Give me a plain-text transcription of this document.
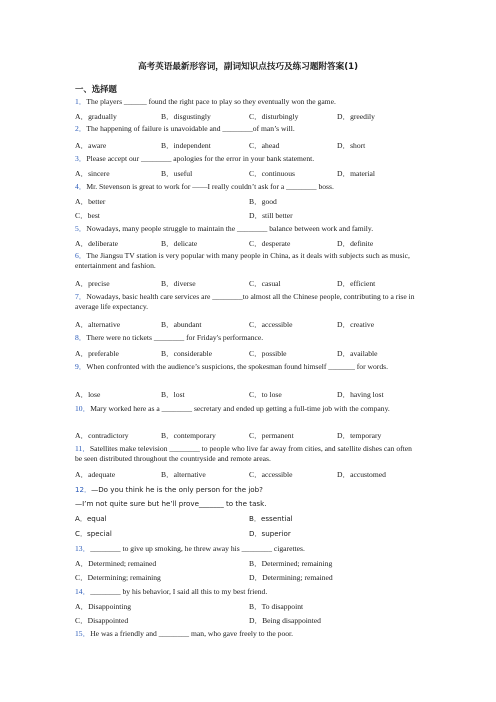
高考英语最新形容词，副词知识点技巧及练习题附答案(1)
一、选择题
1．The players ______ found the right pace to play so they eventually won the game.
A．gradually	B．disgustingly	C．disturbingly	D．greedily
2．The happening of failure is unavoidable and ________of man’s will.
A．aware	B．independent	C．ahead	D．short
3．Please accept our ________ apologies for the error in your bank statement.
A．sincere	B．useful	C．continuous	D．material
4．Mr. Stevenson is great to work for ——I really couldn’t ask for a ________ boss.
A．better	B．good
C．best	D．still better
5．Nowadays, many people struggle to maintain the ________ balance between work and family.
A．deliberate	B．delicate	C．desperate	D．definite
6．The Jiangsu TV station is very popular with many people in China, as it deals with subjects such as music, entertainment and fashion.
A．precise	B．diverse	C．casual	D．efficient
7．Nowadays, basic health care services are ________to almost all the Chinese people, contributing to a rise in average life expectancy.
A．alternative	B．abundant	C．accessible	D．creative
8．There were no tickets ________ for Friday's performance.
A．preferable	B．considerable	C．possible	D．available
9．When confronted with the audience’s suspicions, the spokesman found himself _______ for words.
A．lose	B．lost	C．to lose	D．having lost
10．Mary worked here as a ________ secretary and ended up getting a full-time job with the company.
A．contradictory	B．contemporary	C．permanent	D．temporary
11．Satellites make television ________ to people who live far away from cities, and satellite dishes can often be seen distributed throughout the countryside and remote areas.
A．adequate	B．alternative	C．accessible	D．accustomed
12．—Do you think he is the only person for the job?
—I’m not quite sure but he’ll prove_______ to the task.
A．equal	B．essential
C．special	D．superior
13．________ to give up smoking, he threw away his ________ cigarettes.
A．Determined; remained	B．Determined; remaining
C．Determining; remaining	D．Determining; remained
14．________ by his behavior, I said all this to my best friend.
A．Disappointing	B．To disappoint
C．Disappointed	D．Being disappointed
15．He was a friendly and ________ man, who gave freely to the poor.
